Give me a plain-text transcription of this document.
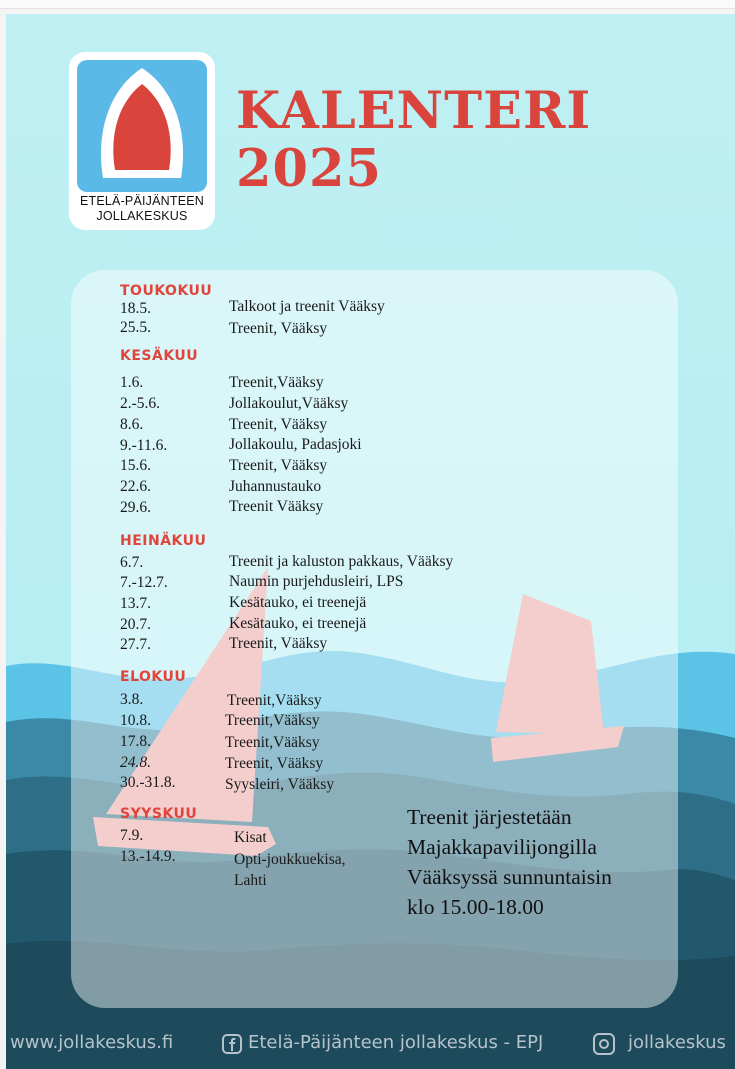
ETELÄ-PÄIJÄNTEEN
JOLLAKESKUS
KALENTERI
2025
TOUKOKUU
18.5.	Talkoot ja treenit Vääksy
25.5.	Treenit, Vääksy
KESÄKUU
1.6.	Treenit,Vääksy
2.-5.6.	Jollakoulut,Vääksy
8.6.	Treenit, Vääksy
9.-11.6.	Jollakoulu, Padasjoki
15.6.	Treenit, Vääksy
22.6.	Juhannustauko
29.6.	Treenit Vääksy
HEINÄKUU
6.7.	Treenit ja kaluston pakkaus, Vääksy
7.-12.7.	Naumin purjehdusleiri, LPS
13.7.	Kesätauko, ei treenejä
20.7.	Kesätauko, ei treenejä
27.7.	Treenit, Vääksy
ELOKUU
3.8.	Treenit,Vääksy
10.8.	Treenit,Vääksy
17.8.	Treenit,Vääksy
24.8.	Treenit, Vääksy
30.-31.8.	Syysleiri, Vääksy
SYYSKUU
7.9.	Kisat
13.-14.9.	Opti-joukkuekisa,
Lahti
Treenit järjestetään
Majakkapavilijongilla
Vääksyssä sunnuntaisin
klo 15.00-18.00
www.jollakeskus.fi	Etelä-Päijänteen jollakeskus - EPJ	jollakeskus
